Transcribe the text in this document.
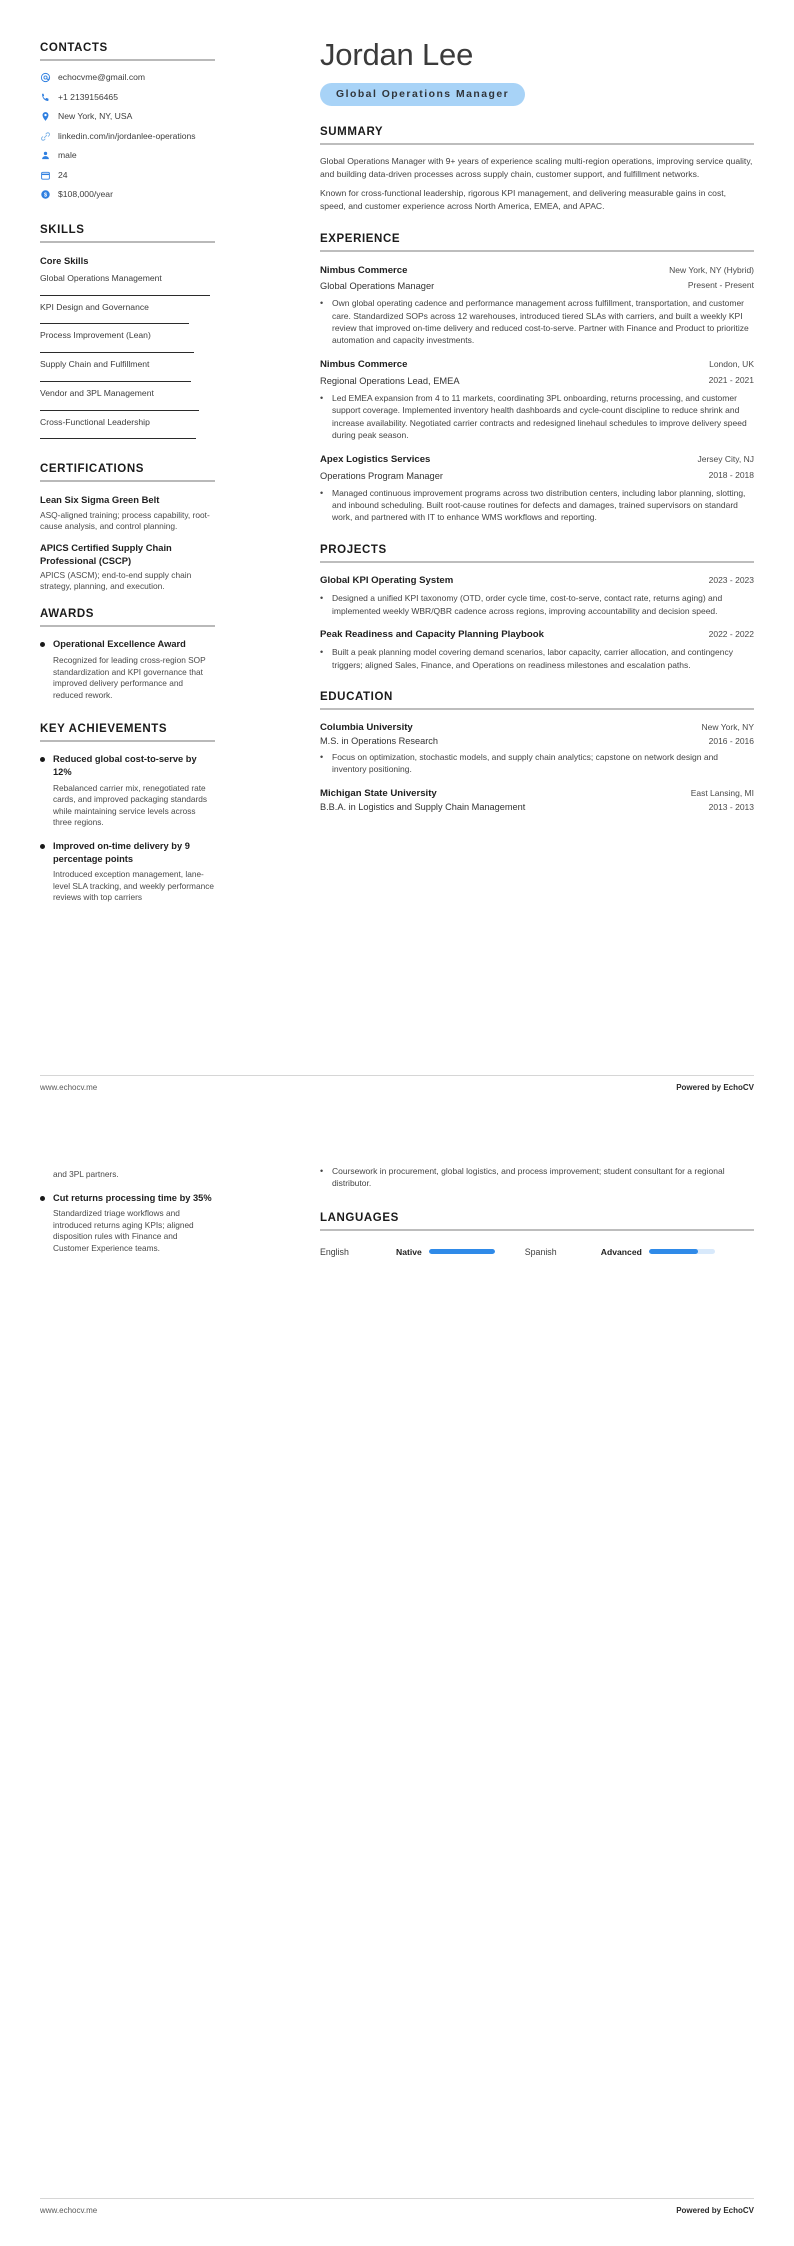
CONTACTS
echocvme@gmail.com
+1 2139156465
New York, NY, USA
linkedin.com/in/jordanlee-operations
male
24
$ $108,000/year
SKILLS
Core Skills
Global Operations Management
KPI Design and Governance
Process Improvement (Lean)
Supply Chain and Fulfillment
Vendor and 3PL Management
Cross-Functional Leadership
CERTIFICATIONS
Lean Six Sigma Green Belt
ASQ-aligned training; process capability, root-cause analysis, and control planning.
APICS Certified Supply Chain Professional (CSCP)
APICS (ASCM); end-to-end supply chain strategy, planning, and execution.
AWARDS
Operational Excellence Award
Recognized for leading cross-region SOP standardization and KPI governance that improved delivery performance and reduced rework.
KEY ACHIEVEMENTS
Reduced global cost-to-serve by 12%
Rebalanced carrier mix, renegotiated rate cards, and improved packaging standards while maintaining service levels across three regions.
Improved on-time delivery by 9 percentage points
Introduced exception management, lane-level SLA tracking, and weekly performance reviews with top carriers
Jordan Lee
Global Operations Manager
SUMMARY
Global Operations Manager with 9+ years of experience scaling multi-region operations, improving service quality, and building data-driven processes across supply chain, customer support, and fulfillment networks.
Known for cross-functional leadership, rigorous KPI management, and delivering measurable gains in cost, speed, and customer experience across North America, EMEA, and APAC.
EXPERIENCE
Nimbus Commerce	New York, NY (Hybrid)
Global Operations Manager	Present - Present
•	Own global operating cadence and performance management across fulfillment, transportation, and customer care. Standardized SOPs across 12 warehouses, introduced tiered SLAs with carriers, and built a weekly KPI review that improved on-time delivery and reduced cost-to-serve. Partner with Finance and Product to prioritize automation and capacity investments.
Nimbus Commerce	London, UK
Regional Operations Lead, EMEA	2021 - 2021
•	Led EMEA expansion from 4 to 11 markets, coordinating 3PL onboarding, returns processing, and customer support coverage. Implemented inventory health dashboards and cycle-count discipline to reduce shrink and increase availability. Negotiated carrier contracts and redesigned linehaul schedules to improve delivery speed during peak season.
Apex Logistics Services	Jersey City, NJ
Operations Program Manager	2018 - 2018
•	Managed continuous improvement programs across two distribution centers, including labor planning, slotting, and inbound scheduling. Built root-cause routines for defects and damages, trained supervisors on standard work, and partnered with IT to enhance WMS workflows and reporting.
PROJECTS
Global KPI Operating System	2023 - 2023
•	Designed a unified KPI taxonomy (OTD, order cycle time, cost-to-serve, contact rate, returns aging) and implemented weekly WBR/QBR cadence across regions, improving accountability and decision speed.
Peak Readiness and Capacity Planning Playbook	2022 - 2022
•	Built a peak planning model covering demand scenarios, labor capacity, carrier allocation, and contingency triggers; aligned Sales, Finance, and Operations on readiness milestones and escalation paths.
EDUCATION
Columbia University	New York, NY
M.S. in Operations Research	2016 - 2016
•	Focus on optimization, stochastic models, and supply chain analytics; capstone on network design and inventory positioning.
Michigan State University	East Lansing, MI
B.B.A. in Logistics and Supply Chain Management	2013 - 2013
www.echocv.me	Powered by EchoCV
and 3PL partners.
Cut returns processing time by 35%
Standardized triage workflows and introduced returns aging KPIs; aligned disposition rules with Finance and Customer Experience teams.
•	Coursework in procurement, global logistics, and process improvement; student consultant for a regional distributor.
LANGUAGES
English	Native	Spanish	Advanced
www.echocv.me	Powered by EchoCV
